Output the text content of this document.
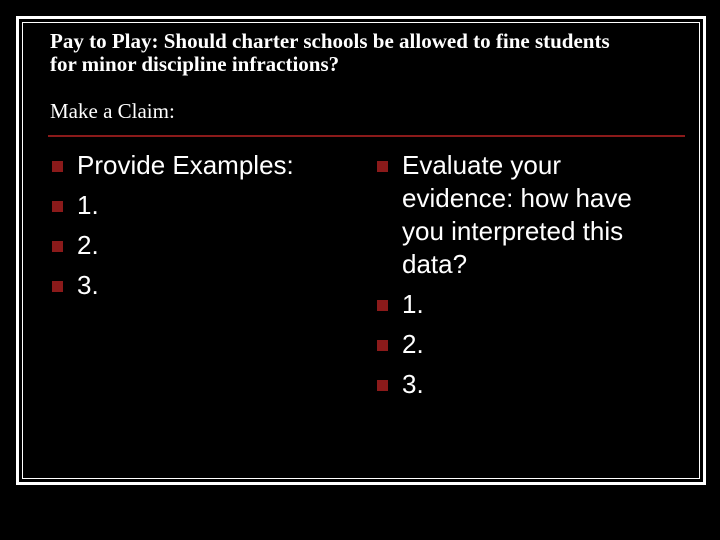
Pay to Play: Should charter schools be allowed to fine students
for minor discipline infractions?
Make a Claim:
Provide Examples:
1.
2.
3.
Evaluate your evidence: how have you interpreted this data?
1.
2.
3.
